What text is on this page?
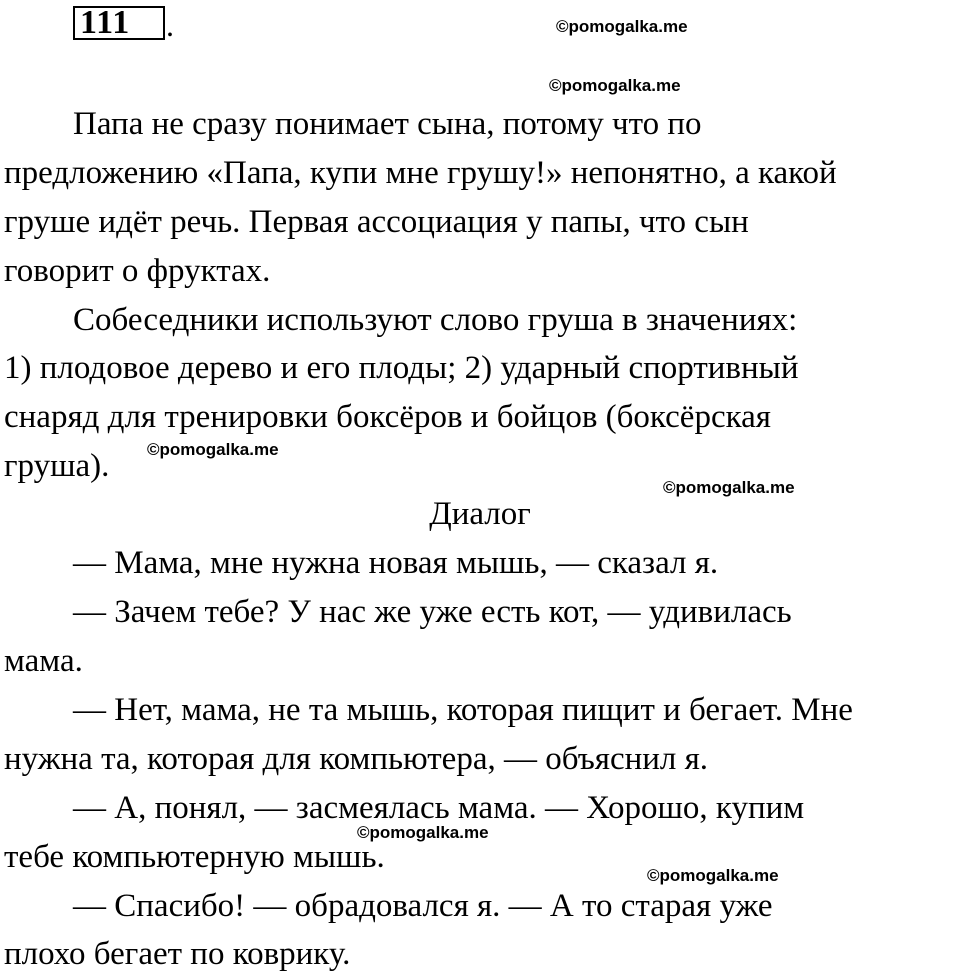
111 .	©pomogalka.me
©pomogalka.me
©pomogalka.me
©pomogalka.me
©pomogalka.me
©pomogalka.me
Папа не сразу понимает сына, потому что по
предложению «Папа, купи мне грушу!» непонятно, а какой
груше идёт речь. Первая ассоциация у папы, что сын
говорит о фруктах.
Собеседники используют слово груша в значениях:
1) плодовое дерево и его плоды; 2) ударный спортивный
снаряд для тренировки боксёров и бойцов (боксёрская
груша).
Диалог
— Мама, мне нужна новая мышь, — сказал я.
— Зачем тебе? У нас же уже есть кот, — удивилась
мама.
— Нет, мама, не та мышь, которая пищит и бегает. Мне
нужна та, которая для компьютера, — объяснил я.
— А, понял, — засмеялась мама. — Хорошо, купим
тебе компьютерную мышь.
— Спасибо! — обрадовался я. — А то старая уже
плохо бегает по коврику.
